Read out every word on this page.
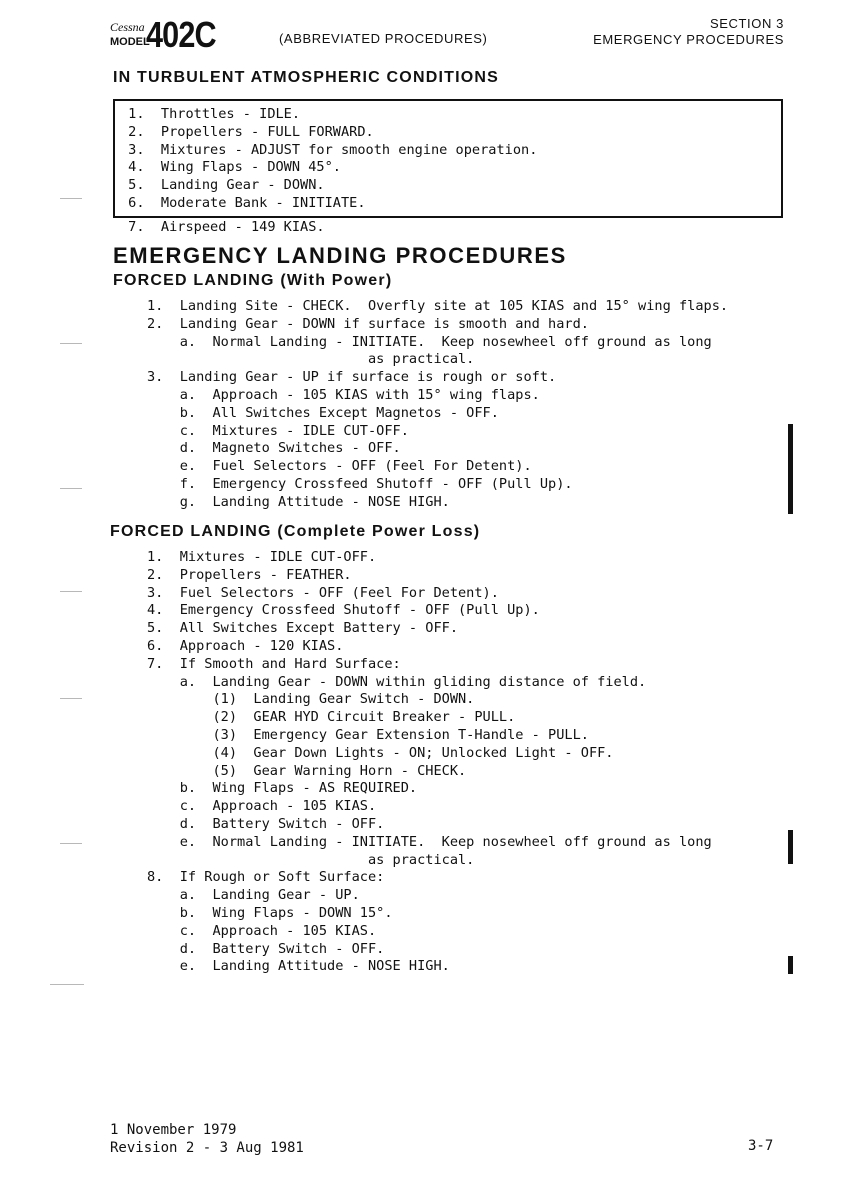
Cessna
MODEL
402C	(ABBREVIATED PROCEDURES)
SECTION 3
EMERGENCY PROCEDURES
IN TURBULENT ATMOSPHERIC CONDITIONS
1.  Throttles - IDLE.
2.  Propellers - FULL FORWARD.
3.  Mixtures - ADJUST for smooth engine operation.
4.  Wing Flaps - DOWN 45°.
5.  Landing Gear - DOWN.
6.  Moderate Bank - INITIATE.
7.  Airspeed - 149 KIAS.
EMERGENCY LANDING PROCEDURES
FORCED LANDING (With Power)
1.  Landing Site - CHECK.  Overfly site at 105 KIAS and 15° wing flaps.
2.  Landing Gear - DOWN if surface is smooth and hard.
a.  Normal Landing - INITIATE.  Keep nosewheel off ground as long
as practical.
3.  Landing Gear - UP if surface is rough or soft.
a.  Approach - 105 KIAS with 15° wing flaps.
b.  All Switches Except Magnetos - OFF.
c.  Mixtures - IDLE CUT-OFF.
d.  Magneto Switches - OFF.
e.  Fuel Selectors - OFF (Feel For Detent).
f.  Emergency Crossfeed Shutoff - OFF (Pull Up).
g.  Landing Attitude - NOSE HIGH.
FORCED LANDING (Complete Power Loss)
1.  Mixtures - IDLE CUT-OFF.
2.  Propellers - FEATHER.
3.  Fuel Selectors - OFF (Feel For Detent).
4.  Emergency Crossfeed Shutoff - OFF (Pull Up).
5.  All Switches Except Battery - OFF.
6.  Approach - 120 KIAS.
7.  If Smooth and Hard Surface:
a.  Landing Gear - DOWN within gliding distance of field.
(1)  Landing Gear Switch - DOWN.
(2)  GEAR HYD Circuit Breaker - PULL.
(3)  Emergency Gear Extension T-Handle - PULL.
(4)  Gear Down Lights - ON; Unlocked Light - OFF.
(5)  Gear Warning Horn - CHECK.
b.  Wing Flaps - AS REQUIRED.
c.  Approach - 105 KIAS.
d.  Battery Switch - OFF.
e.  Normal Landing - INITIATE.  Keep nosewheel off ground as long
as practical.
8.  If Rough or Soft Surface:
a.  Landing Gear - UP.
b.  Wing Flaps - DOWN 15°.
c.  Approach - 105 KIAS.
d.  Battery Switch - OFF.
e.  Landing Attitude - NOSE HIGH.
1 November 1979
Revision 2 - 3 Aug 1981	3-7
